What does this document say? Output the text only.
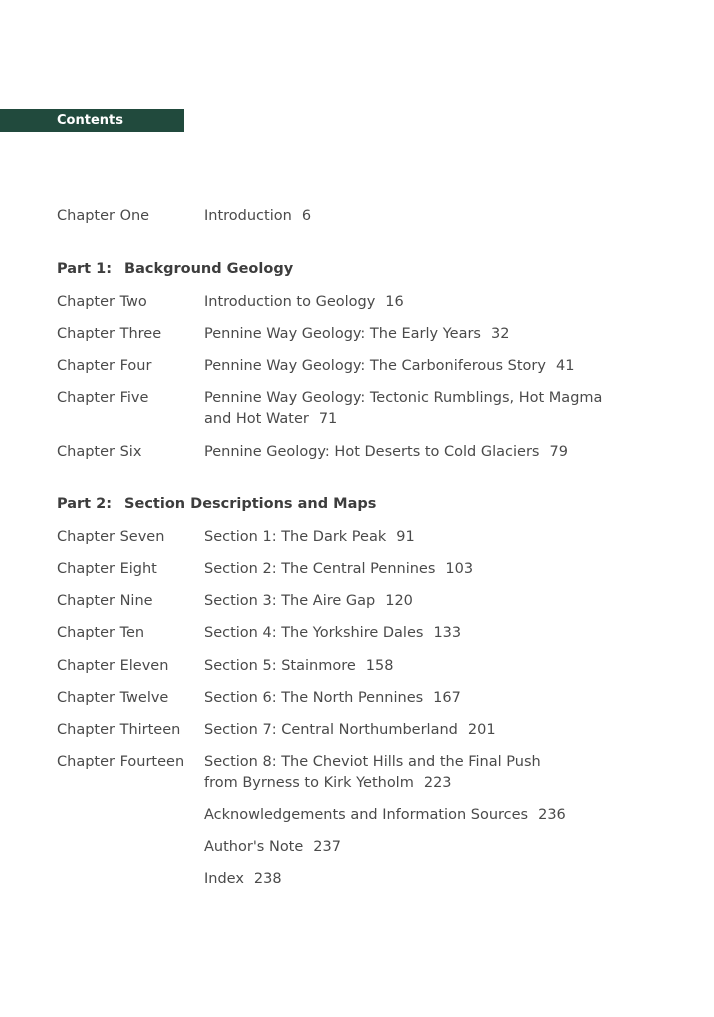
Contents
Chapter One	Introduction 6
Part 1: Background Geology
Chapter Two	Introduction to Geology 16
Chapter Three	Pennine Way Geology: The Early Years 32
Chapter Four	Pennine Way Geology: The Carboniferous Story 41
Chapter Five	Pennine Way Geology: Tectonic Rumblings, Hot Magma
and Hot Water 71
Chapter Six	Pennine Geology: Hot Deserts to Cold Glaciers 79
Part 2: Section Descriptions and Maps
Chapter Seven	Section 1: The Dark Peak 91
Chapter Eight	Section 2: The Central Pennines 103
Chapter Nine	Section 3: The Aire Gap 120
Chapter Ten	Section 4: The Yorkshire Dales 133
Chapter Eleven Section 5: Stainmore 158
Chapter Twelve Section 6: The North Pennines 167
Chapter Thirteen Section 7: Central Northumberland 201
Chapter Fourteen Section 8: The Cheviot Hills and the Final Push
from Byrness to Kirk Yetholm 223
Acknowledgements and Information Sources 236
Author's Note 237
Index 238
